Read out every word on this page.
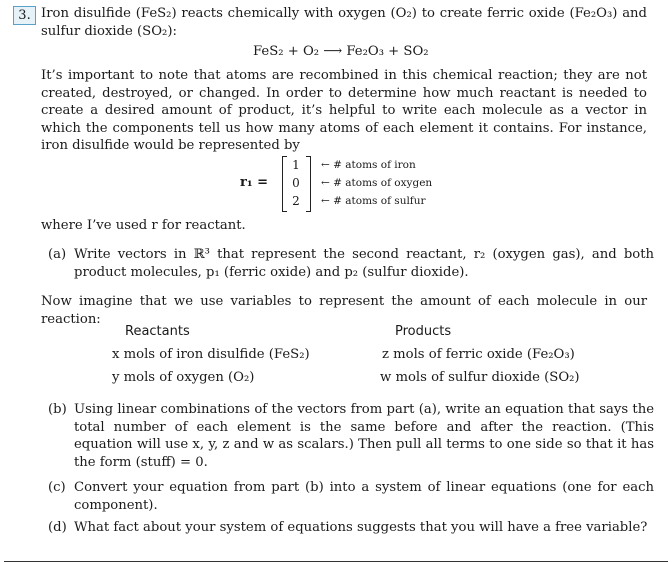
3. Iron disulfide (FeS₂) reacts chemically with oxygen (O₂) to create ferric oxide (Fe₂O₃) and sulfur dioxide (SO₂):
FeS₂ + O₂ ⟶ Fe₂O₃ + SO₂
It’s important to note that atoms are recombined in this chemical reaction; they are not created, destroyed, or changed. In order to determine how much reactant is needed to create a desired amount of product, it’s helpful to write each molecule as a vector in which the components tell us how many atoms of each element it contains. For instance, iron disulfide would be represented by
r₁ =
1
0
2
← # atoms of iron
← # atoms of oxygen
← # atoms of sulfur
where I’ve used r for reactant.
(a) Write vectors in ℝ³ that represent the second reactant, r₂ (oxygen gas), and both product molecules, p₁ (ferric oxide) and p₂ (sulfur dioxide).
Now imagine that we use variables to represent the amount of each molecule in our reaction:
Reactants	Products
x mols of iron disulfide (FeS₂)
y mols of oxygen (O₂)
z mols of ferric oxide (Fe₂O₃)
w mols of sulfur dioxide (SO₂)
(b) Using linear combinations of the vectors from part (a), write an equation that says the total number of each element is the same before and after the reaction. (This equation will use x, y, z and w as scalars.) Then pull all terms to one side so that it has the form (stuff) = 0.
(c) Convert your equation from part (b) into a system of linear equations (one for each component).
(d) What fact about your system of equations suggests that you will have a free variable?
